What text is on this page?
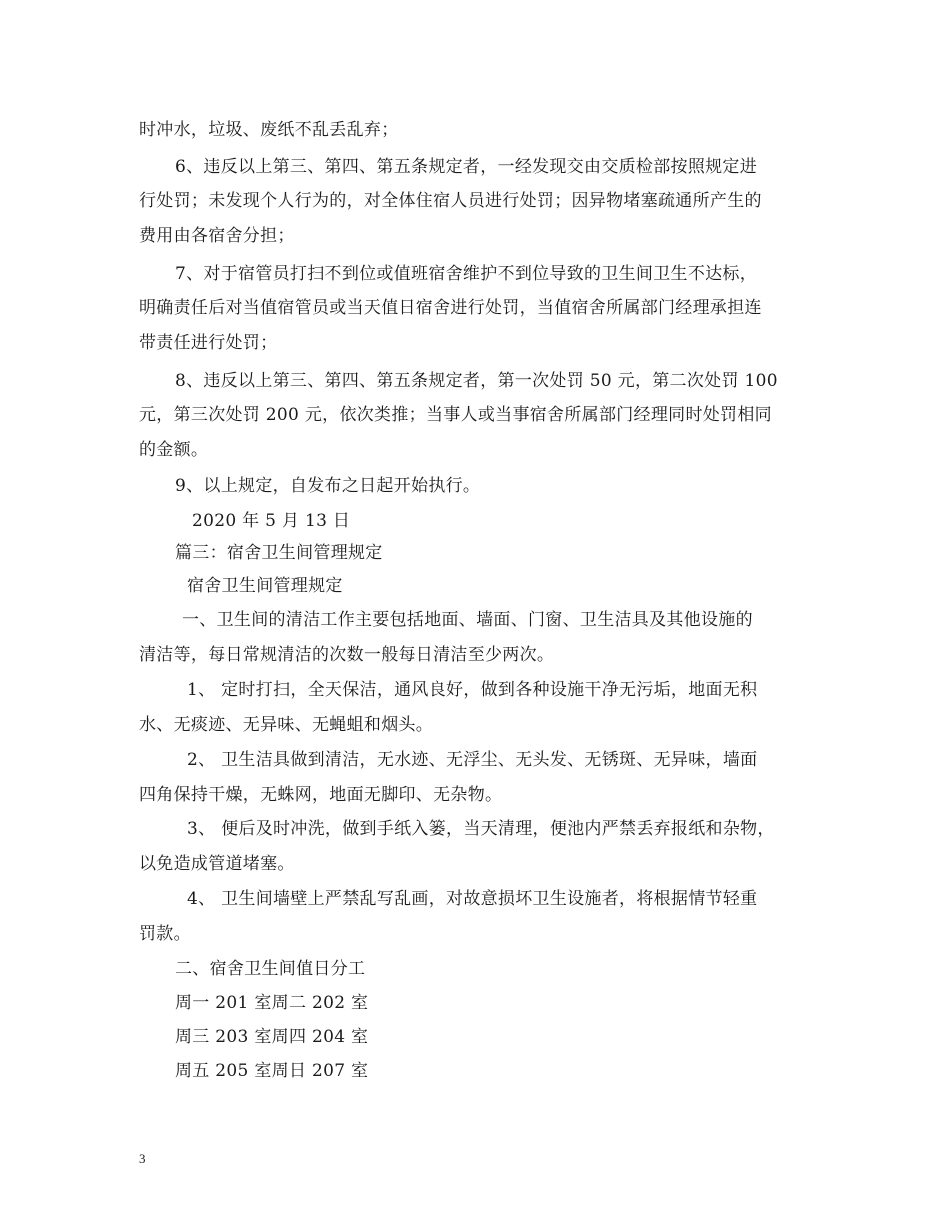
时冲水，垃圾、废纸不乱丢乱弃；
6、违反以上第三、第四、第五条规定者，一经发现交由交质检部按照规定进
行处罚；未发现个人行为的，对全体住宿人员进行处罚；因异物堵塞疏通所产生的
费用由各宿舍分担；
7、对于宿管员打扫不到位或值班宿舍维护不到位导致的卫生间卫生不达标，
明确责任后对当值宿管员或当天值日宿舍进行处罚，当值宿舍所属部门经理承担连
带责任进行处罚；
8、违反以上第三、第四、第五条规定者，第一次处罚 50 元，第二次处罚 100
元，第三次处罚 200 元，依次类推；当事人或当事宿舍所属部门经理同时处罚相同
的金额。
9、以上规定，自发布之日起开始执行。
2020 年 5 月 13 日
篇三：宿舍卫生间管理规定
宿舍卫生间管理规定
一、卫生间的清洁工作主要包括地面、墙面、门窗、卫生洁具及其他设施的
清洁等，每日常规清洁的次数一般每日清洁至少两次。
1、 定时打扫，全天保洁，通风良好，做到各种设施干净无污垢，地面无积
水、无痰迹、无异味、无蝇蛆和烟头。
2、 卫生洁具做到清洁，无水迹、无浮尘、无头发、无锈斑、无异味，墙面
四角保持干燥，无蛛网，地面无脚印、无杂物。
3、 便后及时冲洗，做到手纸入篓，当天清理，便池内严禁丢弃报纸和杂物，
以免造成管道堵塞。
4、 卫生间墙壁上严禁乱写乱画，对故意损坏卫生设施者，将根据情节轻重
罚款。
二、宿舍卫生间值日分工
周一 201 室周二 202 室
周三 203 室周四 204 室
周五 205 室周日 207 室
3
